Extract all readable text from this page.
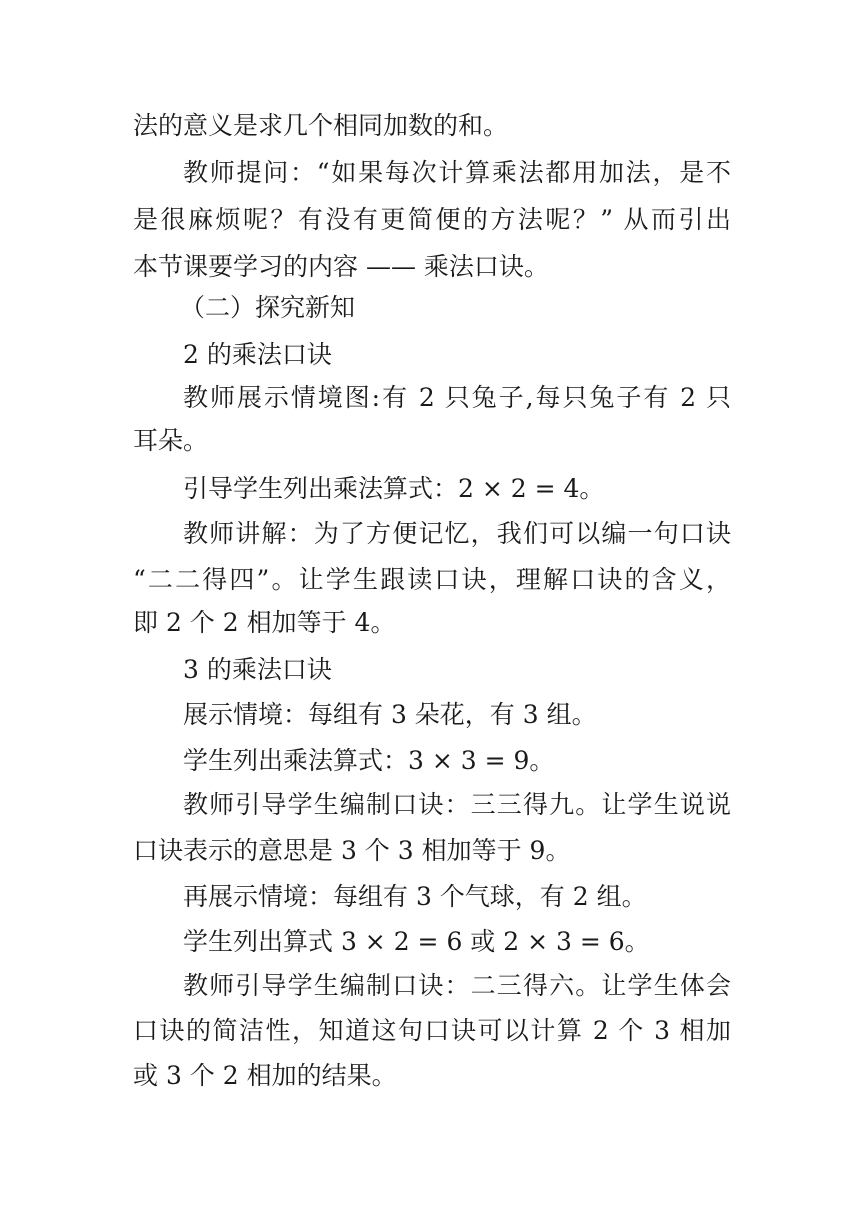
法的意义是求几个相同加数的和。
教师提问：“如果每次计算乘法都用加法，是不
是很麻烦呢？有没有更简便的方法呢？” 从而引出
本节课要学习的内容 —— 乘法口诀。
（二）探究新知
2 的乘法口诀
教师展示情境图:有 2 只兔子,每只兔子有 2 只
耳朵。
引导学生列出乘法算式：2 × 2 = 4。
教师讲解：为了方便记忆，我们可以编一句口诀
“二二得四”。让学生跟读口诀，理解口诀的含义，
即 2 个 2 相加等于 4。
3 的乘法口诀
展示情境：每组有 3 朵花，有 3 组。
学生列出乘法算式：3 × 3 = 9。
教师引导学生编制口诀：三三得九。让学生说说
口诀表示的意思是 3 个 3 相加等于 9。
再展示情境：每组有 3 个气球，有 2 组。
学生列出算式 3 × 2 = 6 或 2 × 3 = 6。
教师引导学生编制口诀：二三得六。让学生体会
口诀的简洁性，知道这句口诀可以计算 2 个 3 相加
或 3 个 2 相加的结果。
